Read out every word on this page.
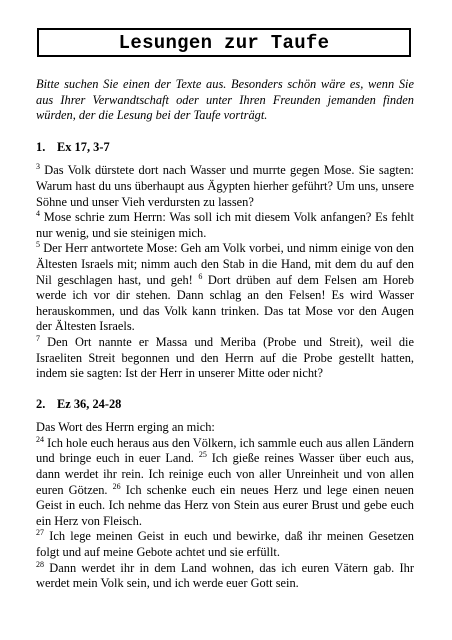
Lesungen zur Taufe

Bitte suchen Sie einen der Texte aus. Besonders schön wäre es, wenn Sie aus Ihrer Verwandtschaft oder unter Ihren Freunden jemanden finden würden, der die Lesung bei der Taufe vorträgt.

1. Ex 17, 3-7
$^3$ Das Volk dürstete dort nach Wasser und murrte gegen Mose. Sie sagten: Warum hast du uns überhaupt aus Ägypten hierher geführt? Um uns, unsere Söhne und unser Vieh verdursten zu lassen?
$^4$ Mose schrie zum Herrn: Was soll ich mit diesem Volk anfangen? Es fehlt nur wenig, und sie steinigen mich.
$^5$ Der Herr antwortete Mose: Geh am Volk vorbei, und nimm einige von den Ältesten Israels mit; nimm auch den Stab in die Hand, mit dem du auf den Nil geschlagen hast, und geh! $^6$ Dort drüben auf dem Felsen am Horeb werde ich vor dir stehen. Dann schlag an den Felsen! Es wird Wasser herauskommen, und das Volk kann trinken. Das tat Mose vor den Augen der Ältesten Israels.
$^7$ Den Ort nannte er Massa und Meriba (Probe und Streit), weil die Israeliten Streit begonnen und den Herrn auf die Probe gestellt hatten, indem sie sagten: Ist der Herr in unserer Mitte oder nicht?
2. Ez 36, 24-28
Das Wort des Herrn erging an mich:
$^{24}$ Ich hole euch heraus aus den Völkern, ich sammle euch aus allen Ländern und bringe euch in euer Land. $^{25}$ Ich gieße reines Wasser über euch aus, dann werdet ihr rein. Ich reinige euch von aller Unreinheit und von allen euren Götzen. $^{26}$ Ich schenke euch ein neues Herz und lege einen neuen Geist in euch. Ich nehme das Herz von Stein aus eurer Brust und gebe euch ein Herz von Fleisch.
$^{27}$ Ich lege meinen Geist in euch und bewirke, daß ihr meinen Gesetzen folgt und auf meine Gebote achtet und sie erfüllt.
$^{28}$ Dann werdet ihr in dem Land wohnen, das ich euren Vätern gab. Ihr werdet mein Volk sein, und ich werde euer Gott sein.
